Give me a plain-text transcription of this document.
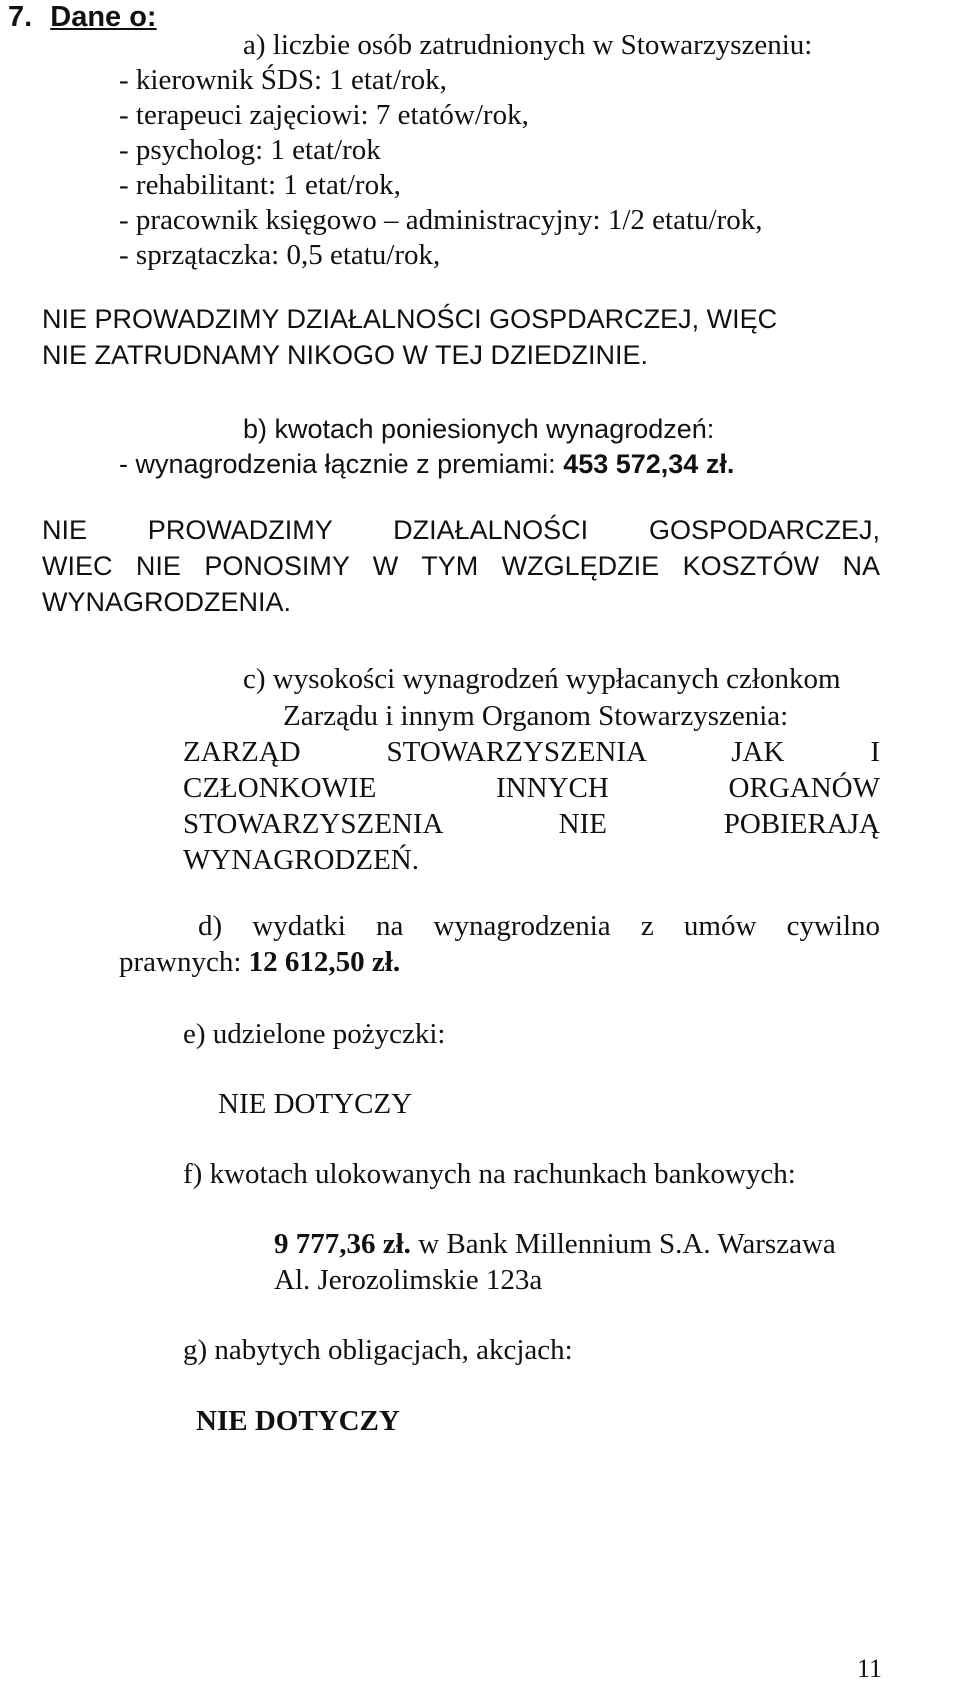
7. Dane o:
a) liczbie osób zatrudnionych w Stowarzyszeniu:
- kierownik ŚDS: 1 etat/rok,
- terapeuci zajęciowi: 7 etatów/rok,
- psycholog: 1 etat/rok
- rehabilitant: 1 etat/rok,
- pracownik księgowo – administracyjny: 1/2 etatu/rok,
- sprzątaczka: 0,5 etatu/rok,
NIE PROWADZIMY DZIAŁALNOŚCI GOSPDARCZEJ, WIĘC
NIE ZATRUDNAMY NIKOGO W TEJ DZIEDZINIE.
b) kwotach poniesionych wynagrodzeń:
- wynagrodzenia łącznie z premiami: 453 572,34 zł.
NIE PROWADZIMY DZIAŁALNOŚCI GOSPODARCZEJ,
WIEC NIE PONOSIMY W TYM WZGLĘDZIE KOSZTÓW NA
WYNAGRODZENIA.
c) wysokości wynagrodzeń wypłacanych członkom
Zarządu i innym Organom Stowarzyszenia:
ZARZĄD STOWARZYSZENIA JAK I
CZŁONKOWIE INNYCH ORGANÓW
STOWARZYSZENIA NIE POBIERAJĄ
WYNAGRODZEŃ.
d) wydatki na wynagrodzenia z umów cywilno
prawnych: 12 612,50 zł.
e) udzielone pożyczki:
NIE DOTYCZY
f) kwotach ulokowanych na rachunkach bankowych:
9 777,36 zł. w Bank Millennium S.A. Warszawa
Al. Jerozolimskie 123a
g) nabytych obligacjach, akcjach:
NIE DOTYCZY
11
